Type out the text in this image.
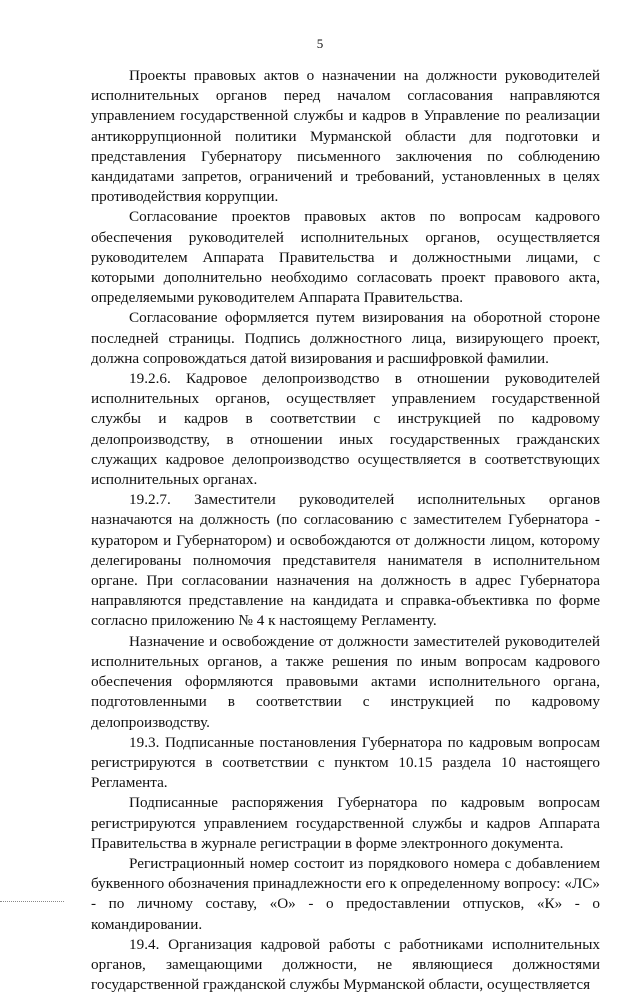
5

Проекты правовых актов о назначении на должности руководителей исполнительных органов перед началом согласования направляются управлением государственной службы и кадров в Управление по реализации антикоррупционной политики Мурманской области для подготовки и представления Губернатору письменного заключения по соблюдению кандидатами запретов, ограничений и требований, установленных в целях противодействия коррупции.

Согласование проектов правовых актов по вопросам кадрового обеспечения руководителей исполнительных органов, осуществляется руководителем Аппарата Правительства и должностными лицами, с которыми дополнительно необходимо согласовать проект правового акта, определяемыми руководителем Аппарата Правительства.

Согласование оформляется путем визирования на оборотной стороне последней страницы. Подпись должностного лица, визирующего проект, должна сопровождаться датой визирования и расшифровкой фамилии.

19.2.6. Кадровое делопроизводство в отношении руководителей исполнительных органов, осуществляет управлением государственной службы и кадров в соответствии с инструкцией по кадровому делопроизводству, в отношении иных государственных гражданских служащих кадровое делопроизводство осуществляется в соответствующих исполнительных органах.

19.2.7. Заместители руководителей исполнительных органов назначаются на должность (по согласованию с заместителем Губернатора - куратором и Губернатором) и освобождаются от должности лицом, которому делегированы полномочия представителя нанимателя в исполнительном органе. При согласовании назначения на должность в адрес Губернатора направляются представление на кандидата и справка-объективка по форме согласно приложению № 4 к настоящему Регламенту.

Назначение и освобождение от должности заместителей руководителей исполнительных органов, а также решения по иным вопросам кадрового обеспечения оформляются правовыми актами исполнительного органа, подготовленными в соответствии с инструкцией по кадровому делопроизводству.

19.3. Подписанные постановления Губернатора по кадровым вопросам регистрируются в соответствии с пунктом 10.15 раздела 10 настоящего Регламента.

Подписанные распоряжения Губернатора по кадровым вопросам регистрируются управлением государственной службы и кадров Аппарата Правительства в журнале регистрации в форме электронного документа.

Регистрационный номер состоит из порядкового номера с добавлением буквенного обозначения принадлежности его к определенному вопросу: «ЛС» - по личному составу, «О» - о предоставлении отпусков, «К» - о командировании.

19.4. Организация кадровой работы с работниками исполнительных органов, замещающими должности, не являющиеся должностями государственной гражданской службы Мурманской области, осуществляется
